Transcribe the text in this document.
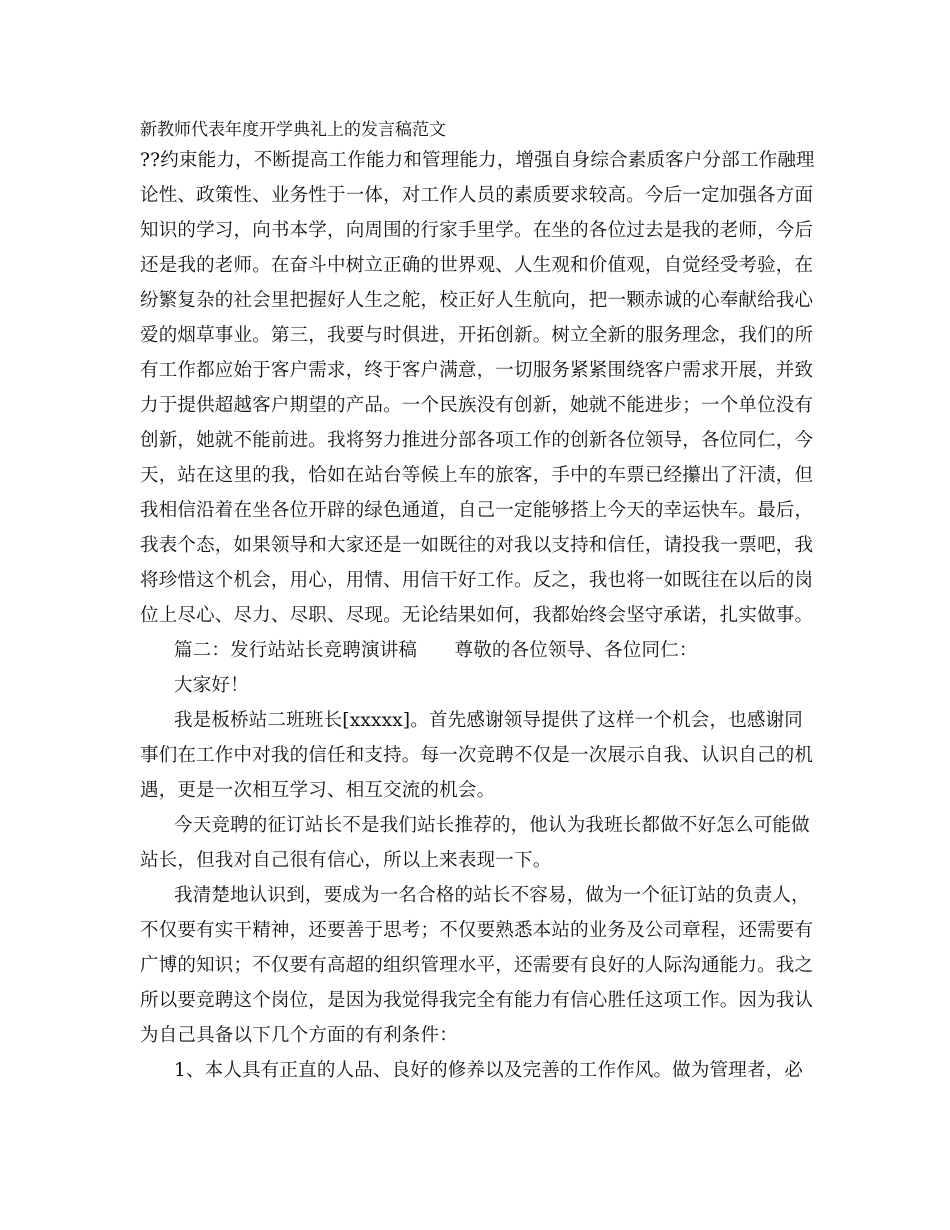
新教师代表年度开学典礼上的发言稿范文
??约束能力，不断提高工作能力和管理能力，增强自身综合素质客户分部工作融理
论性、政策性、业务性于一体，对工作人员的素质要求较高。今后一定加强各方面
知识的学习，向书本学，向周围的行家手里学。在坐的各位过去是我的老师，今后
还是我的老师。在奋斗中树立正确的世界观、人生观和价值观，自觉经受考验，在
纷繁复杂的社会里把握好人生之舵，校正好人生航向，把一颗赤诚的心奉献给我心
爱的烟草事业。第三，我要与时俱进，开拓创新。树立全新的服务理念，我们的所
有工作都应始于客户需求，终于客户满意，一切服务紧紧围绕客户需求开展，并致
力于提供超越客户期望的产品。一个民族没有创新，她就不能进步；一个单位没有
创新，她就不能前进。我将努力推进分部各项工作的创新各位领导，各位同仁，今
天，站在这里的我，恰如在站台等候上车的旅客，手中的车票已经攥出了汗渍，但
我相信沿着在坐各位开辟的绿色通道，自己一定能够搭上今天的幸运快车。最后，
我表个态，如果领导和大家还是一如既往的对我以支持和信任，请投我一票吧，我
将珍惜这个机会，用心，用情、用信干好工作。反之，我也将一如既往在以后的岗
位上尽心、尽力、尽职、尽现。无论结果如何，我都始终会坚守承诺，扎实做事。
篇二：发行站站长竞聘演讲稿　　尊敬的各位领导、各位同仁：
大家好！
我是板桥站二班班长[xxxxx]。首先感谢领导提供了这样一个机会，也感谢同
事们在工作中对我的信任和支持。每一次竞聘不仅是一次展示自我、认识自己的机
遇，更是一次相互学习、相互交流的机会。
今天竞聘的征订站长不是我们站长推荐的，他认为我班长都做不好怎么可能做
站长，但我对自己很有信心，所以上来表现一下。
我清楚地认识到，要成为一名合格的站长不容易，做为一个征订站的负责人，
不仅要有实干精神，还要善于思考；不仅要熟悉本站的业务及公司章程，还需要有
广博的知识；不仅要有高超的组织管理水平，还需要有良好的人际沟通能力。我之
所以要竞聘这个岗位，是因为我觉得我完全有能力有信心胜任这项工作。因为我认
为自己具备以下几个方面的有利条件：
1、本人具有正直的人品、良好的修养以及完善的工作作风。做为管理者，必
